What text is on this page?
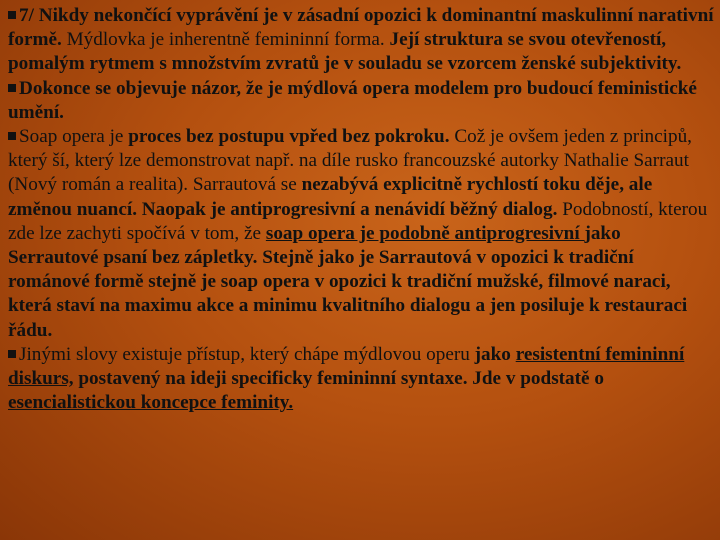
7/ Nikdy nekončící vyprávění je v zásadní opozici k dominantní maskulinní narativní formě. Mýdlovka je inherentně femininní forma. Její struktura se svou otevřeností, pomalým rytmem s množstvím zvratů je v souladu se vzorcem ženské subjektivity.

Dokonce se objevuje názor, že je mýdlová opera modelem pro budoucí feministické umění.

Soap opera je proces bez postupu vpřed bez pokroku. Což je ovšem jeden z principů, který ší, který lze demonstrovat např. na díle rusko francouzské autorky Nathalie Sarraut (Nový román a realita). Sarrautová se nezabývá explicitně rychlostí toku děje, ale změnou nuancí. Naopak je antiprogresivní a nenávidí běžný dialog. Podobností, kterou zde lze zachyti spočívá v tom, že soap opera je podobně antiprogresivní jako Serrautové psaní bez zápletky. Stejně jako je Sarrautová v opozici k tradiční románové formě stejně je soap opera v opozici k tradiční mužské, filmové naraci, která staví na maximu akce a minimu kvalitního dialogu a jen posiluje k restauraci řádu.

Jinými slovy existuje přístup, který chápe mýdlovou operu jako resistentní femininní diskurs, postavený na ideji specificky femininní syntaxe. Jde v podstatě o esencialistickou koncepce feminity.
